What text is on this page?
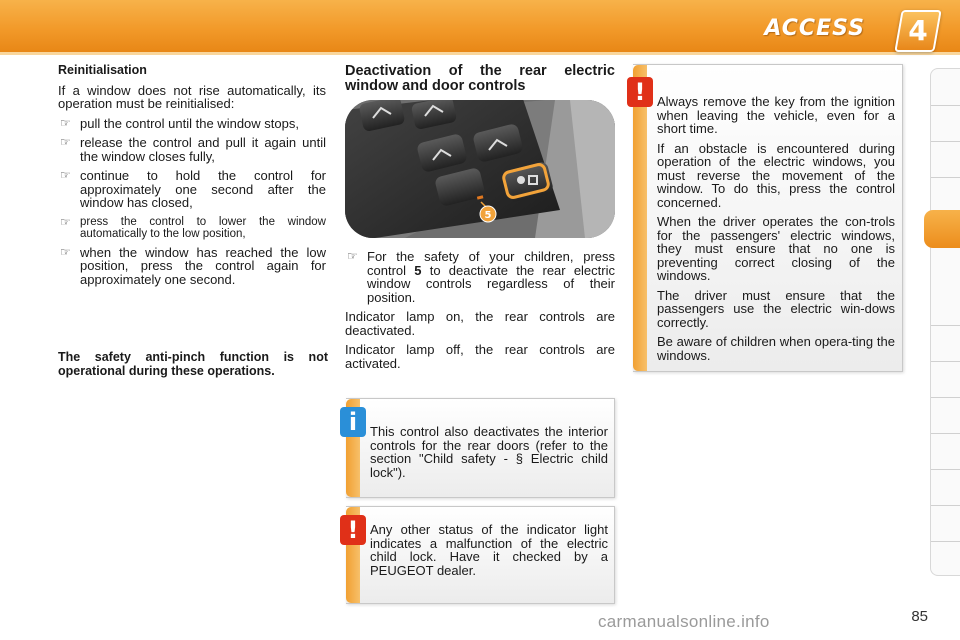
ACCESS 4

Reinitialisation

If a window does not rise automatically, its operation must be reinitialised:

☞ pull the control until the window stops,
☞ release the control and pull it again until the window closes fully,
☞ continue to hold the control for approximately one second after the window has closed,
☞ press the control to lower the window automatically to the low position,
☞ when the window has reached the low position, press the control again for approximately one second.
The safety anti-pinch function is not operational during these operations.

Deactivation of the rear electric window and door controls

5
☞ For the safety of your children, press control 5 to deactivate the rear electric window controls regardless of their position.

Indicator lamp on, the rear controls are deactivated.

Indicator lamp off, the rear controls are activated.

! Always remove the key from the ignition when leaving the vehicle, even for a short time.

If an obstacle is encountered during operation of the electric windows, you must reverse the movement of the window. To do this, press the control concerned.

When the driver operates the con-trols for the passengers' electric windows, they must ensure that no one is preventing correct closing of the windows.

The driver must ensure that the passengers use the electric win-dows correctly.

Be aware of children when opera-ting the windows.

i This control also deactivates the interior controls for the rear doors (refer to the section "Child safety - § Electric child lock").
! Any other status of the indicator light indicates a malfunction of the electric child lock. Have it checked by a PEUGEOT dealer.
85
carmanualsonline.info
